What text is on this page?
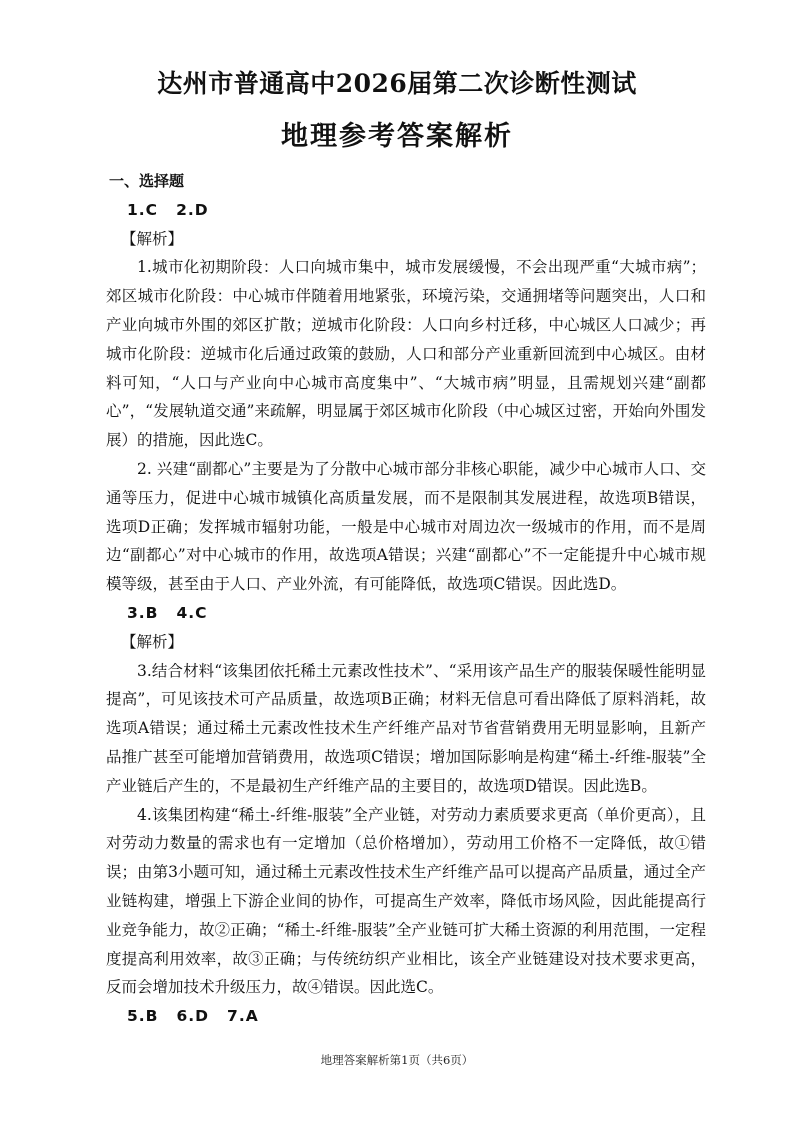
达州市普通高中2026届第二次诊断性测试
地理参考答案解析
一、选择题
1.C 2.D
【解析】

1.城市化初期阶段：人口向城市集中，城市发展缓慢，不会出现严重“大城市病”；郊区城市化阶段：中心城市伴随着用地紧张，环境污染，交通拥堵等问题突出，人口和产业向城市外围的郊区扩散；逆城市化阶段：人口向乡村迁移，中心城区人口减少；再城市化阶段：逆城市化后通过政策的鼓励，人口和部分产业重新回流到中心城区。由材料可知，“人口与产业向中心城市高度集中”、“大城市病”明显，且需规划兴建“副都心”，“发展轨道交通”来疏解，明显属于郊区城市化阶段（中心城区过密，开始向外围发展）的措施，因此选C。

2. 兴建“副都心”主要是为了分散中心城市部分非核心职能，减少中心城市人口、交通等压力，促进中心城市城镇化高质量发展，而不是限制其发展进程，故选项B错误，选项D正确；发挥城市辐射功能，一般是中心城市对周边次一级城市的作用，而不是周边“副都心”对中心城市的作用，故选项A错误；兴建“副都心”不一定能提升中心城市规模等级，甚至由于人口、产业外流，有可能降低，故选项C错误。因此选D。

3.B 4.C
【解析】

3.结合材料“该集团依托稀土元素改性技术”、“采用该产品生产的服装保暖性能明显提高”，可见该技术可产品质量，故选项B正确；材料无信息可看出降低了原料消耗，故选项A错误；通过稀土元素改性技术生产纤维产品对节省营销费用无明显影响，且新产品推广甚至可能增加营销费用，故选项C错误；增加国际影响是构建“稀土-纤维-服装”全产业链后产生的，不是最初生产纤维产品的主要目的，故选项D错误。因此选B。

4.该集团构建“稀土-纤维-服装”全产业链，对劳动力素质要求更高（单价更高），且对劳动力数量的需求也有一定增加（总价格增加），劳动用工价格不一定降低，故①错误；由第3小题可知，通过稀土元素改性技术生产纤维产品可以提高产品质量，通过全产业链构建，增强上下游企业间的协作，可提高生产效率，降低市场风险，因此能提高行业竞争能力，故②正确；“稀土-纤维-服装”全产业链可扩大稀土资源的利用范围，一定程度提高利用效率，故③正确；与传统纺织产业相比，该全产业链建设对技术要求更高，反而会增加技术升级压力，故④错误。因此选C。

5.B 6.D 7.A
地理答案解析第1页（共6页）
